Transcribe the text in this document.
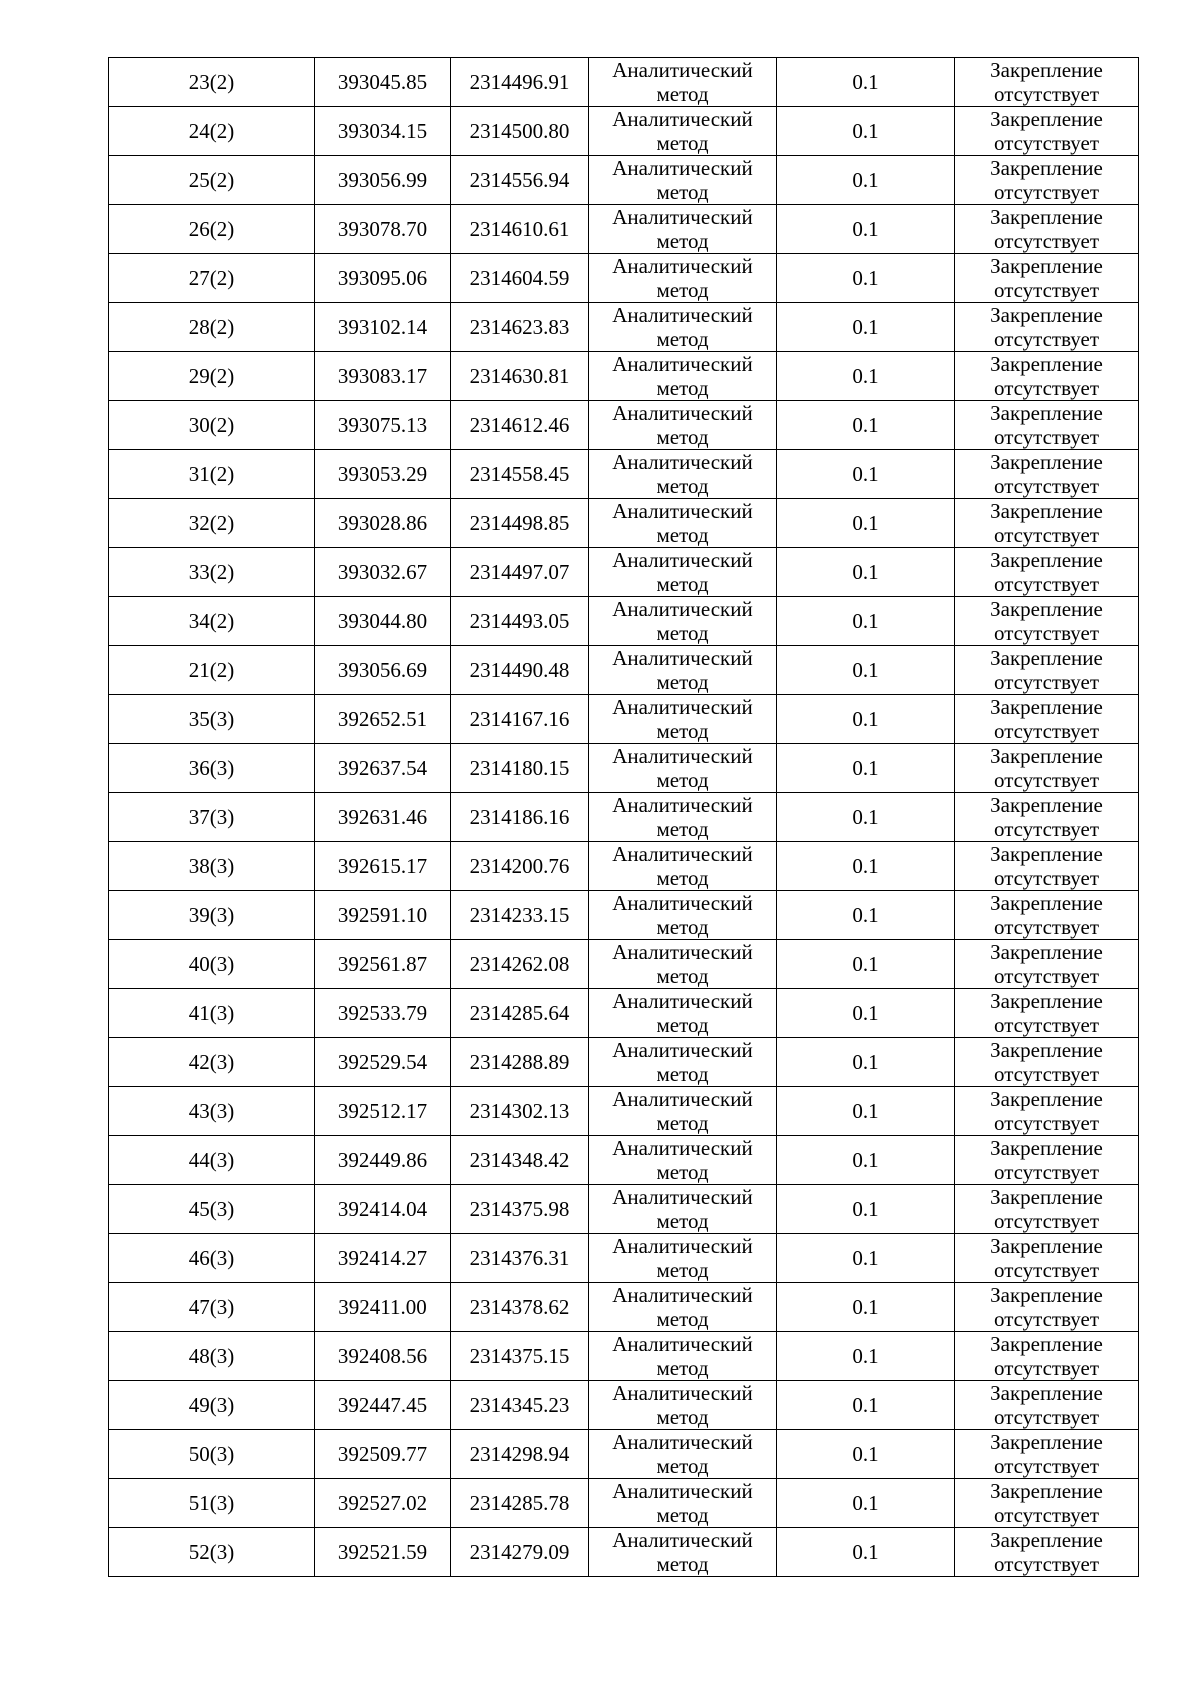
23(2)	393045.85	2314496.91	Аналитический
метод	0.1	Закрепление
отсутствует

24(2)	393034.15	2314500.80	Аналитический
метод	0.1	Закрепление
отсутствует

25(2)	393056.99	2314556.94	Аналитический
метод	0.1	Закрепление
отсутствует

26(2)	393078.70	2314610.61	Аналитический
метод	0.1	Закрепление
отсутствует

27(2)	393095.06	2314604.59	Аналитический
метод	0.1	Закрепление
отсутствует

28(2)	393102.14	2314623.83	Аналитический
метод	0.1	Закрепление
отсутствует

29(2)	393083.17	2314630.81	Аналитический
метод	0.1	Закрепление
отсутствует

30(2)	393075.13	2314612.46	Аналитический
метод	0.1	Закрепление
отсутствует

31(2)	393053.29	2314558.45	Аналитический
метод	0.1	Закрепление
отсутствует

32(2)	393028.86	2314498.85	Аналитический
метод	0.1	Закрепление
отсутствует

33(2)	393032.67	2314497.07	Аналитический
метод	0.1	Закрепление
отсутствует

34(2)	393044.80	2314493.05	Аналитический
метод	0.1	Закрепление
отсутствует

21(2)	393056.69	2314490.48	Аналитический
метод	0.1	Закрепление
отсутствует

35(3)	392652.51	2314167.16	Аналитический
метод	0.1	Закрепление
отсутствует

36(3)	392637.54	2314180.15	Аналитический
метод	0.1	Закрепление
отсутствует

37(3)	392631.46	2314186.16	Аналитический
метод	0.1	Закрепление
отсутствует

38(3)	392615.17	2314200.76	Аналитический
метод	0.1	Закрепление
отсутствует

39(3)	392591.10	2314233.15	Аналитический
метод	0.1	Закрепление
отсутствует

40(3)	392561.87	2314262.08	Аналитический
метод	0.1	Закрепление
отсутствует

41(3)	392533.79	2314285.64	Аналитический
метод	0.1	Закрепление
отсутствует

42(3)	392529.54	2314288.89	Аналитический
метод	0.1	Закрепление
отсутствует

43(3)	392512.17	2314302.13	Аналитический
метод	0.1	Закрепление
отсутствует

44(3)	392449.86	2314348.42	Аналитический
метод	0.1	Закрепление
отсутствует

45(3)	392414.04	2314375.98	Аналитический
метод	0.1	Закрепление
отсутствует

46(3)	392414.27	2314376.31	Аналитический
метод	0.1	Закрепление
отсутствует

47(3)	392411.00	2314378.62	Аналитический
метод	0.1	Закрепление
отсутствует

48(3)	392408.56	2314375.15	Аналитический
метод	0.1	Закрепление
отсутствует

49(3)	392447.45	2314345.23	Аналитический
метод	0.1	Закрепление
отсутствует

50(3)	392509.77	2314298.94	Аналитический
метод	0.1	Закрепление
отсутствует

51(3)	392527.02	2314285.78	Аналитический
метод	0.1	Закрепление
отсутствует

52(3)	392521.59	2314279.09	Аналитический
метод	0.1	Закрепление
отсутствует
